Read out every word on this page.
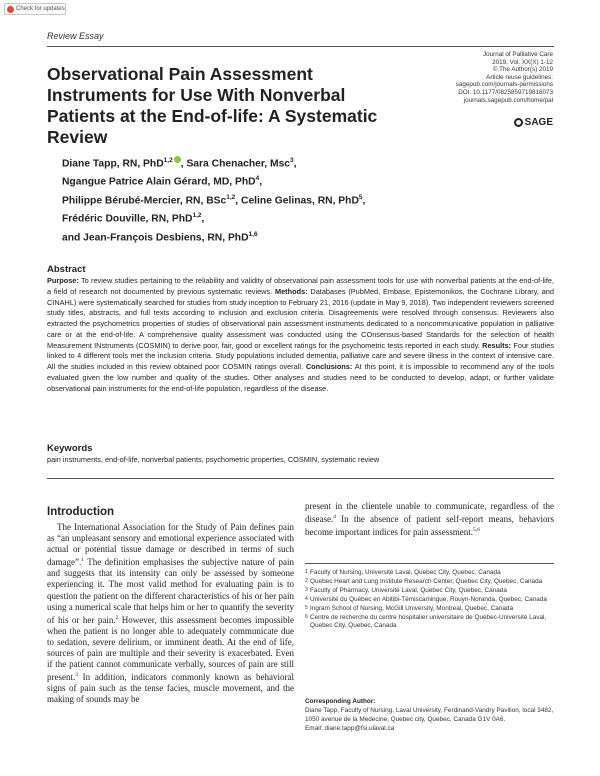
Check for updates
Review Essay
Observational Pain Assessment Instruments for Use With Nonverbal Patients at the End-of-life: A Systematic Review
Journal of Palliative Care
2019, Vol. XX(X) 1-12
© The Author(s) 2019
Article reuse guidelines:
sagepub.com/journals-permissions
DOI: 10.1177/0825859719816073
journals.sagepub.com/home/pal
SAGE
Diane Tapp, RN, PhD$^{1,2}$ , Sara Chenacher, Msc$^3$,
Ngangue Patrice Alain Gérard, MD, PhD$^4$,
Philippe Bérubé-Mercier, RN, BSc$^{1,2}$, Celine Gelinas, RN, PhD$^5$,
Frédéric Douville, RN, PhD$^{1,2}$,
and Jean-François Desbiens, RN, PhD$^{1,6}$
Abstract
Purpose: To review studies pertaining to the reliability and validity of observational pain assessment tools for use with nonverbal patients at the end-of-life, a field of research not documented by previous systematic reviews. Methods: Databases (PubMed, Embase, Epistemonikos, the Cochrane Library, and CINAHL) were systematically searched for studies from study inception to February 21, 2016 (update in May 9, 2018). Two independent reviewers screened study titles, abstracts, and full texts according to inclusion and exclusion criteria. Disagreements were resolved through consensus. Reviewers also extracted the psychometrics properties of studies of observational pain assessment instruments dedicated to a noncommunicative population in palliative care or at the end-of-life. A comprehensive quality assessment was conducted using the COnsensus-based Standards for the selection of health Measurement INstruments (COSMIN) to derive poor, fair, good or excellent ratings for the psychometric tests reported in each study. Results: Four studies linked to 4 different tools met the inclusion criteria. Study populations included dementia, palliative care and severe illness in the context of intensive care. All the studies included in this review obtained poor COSMIN ratings overall. Conclusions: At this point, it is impossible to recommend any of the tools evaluated given the low number and quality of the studies. Other analyses and studies need to be conducted to develop, adapt, or further validate observational pain instruments for the end-of-life population, regardless of the disease.
Keywords
pain instruments, end-of-life, nonverbal patients, psychometric properties, COSMIN, systematic review
Introduction

The International Association for the Study of Pain defines pain as “an unpleasant sensory and emotional experience associated with actual or potential tissue damage or described in terms of such damage”.$^1$ The definition emphasises the subjective nature of pain and suggests that its intensity can only be assessed by someone experiencing it. The most valid method for evaluating pain is to question the patient on the different characteristics of his or her pain using a numerical scale that helps him or her to quantify the severity of his or her pain.$^2$ However, this assessment becomes impossible when the patient is no longer able to adequately communicate due to sedation, severe delirium, or imminent death. At the end of life, sources of pain are multiple and their severity is exacerbated. Even if the patient cannot communicate verbally, sources of pain are still present.$^3$ In addition, indicators commonly known as behavioral signs of pain such as the tense facies, muscle movement, and the making of sounds may be

present in the clientele unable to communicate, regardless of the disease.$^4$ In the absence of patient self-report means, behaviors become important indices for pain assessment.$^{5,6}$
1 Faculty of Nursing, Université Laval, Quebec City, Quebec, Canada
2 Quebec Heart and Lung Institute Research Center, Quebec City, Quebec, Canada
3 Faculty of Pharmacy, Université Laval, Quebec City, Quebec, Canada
4 Université du Québec en Abitibi-Témiscamingue, Rouyn-Noranda, Quebec, Canada
5 Ingram School of Nursing, McGill University, Montreal, Quebec, Canada
6 Centre de recherche du centre hospitalier universitaire de Québec-Université Laval, Quebec City, Quebec, Canada
Corresponding Author:
Diane Tapp, Faculty of Nursing, Laval University, Ferdinand-Vandry Pavilion, local 3482, 1050 avenue de la Medecine, Quebec city, Quebec, Canada G1V 0A6.
Email: diane.tapp@fsi.ulaval.ca
